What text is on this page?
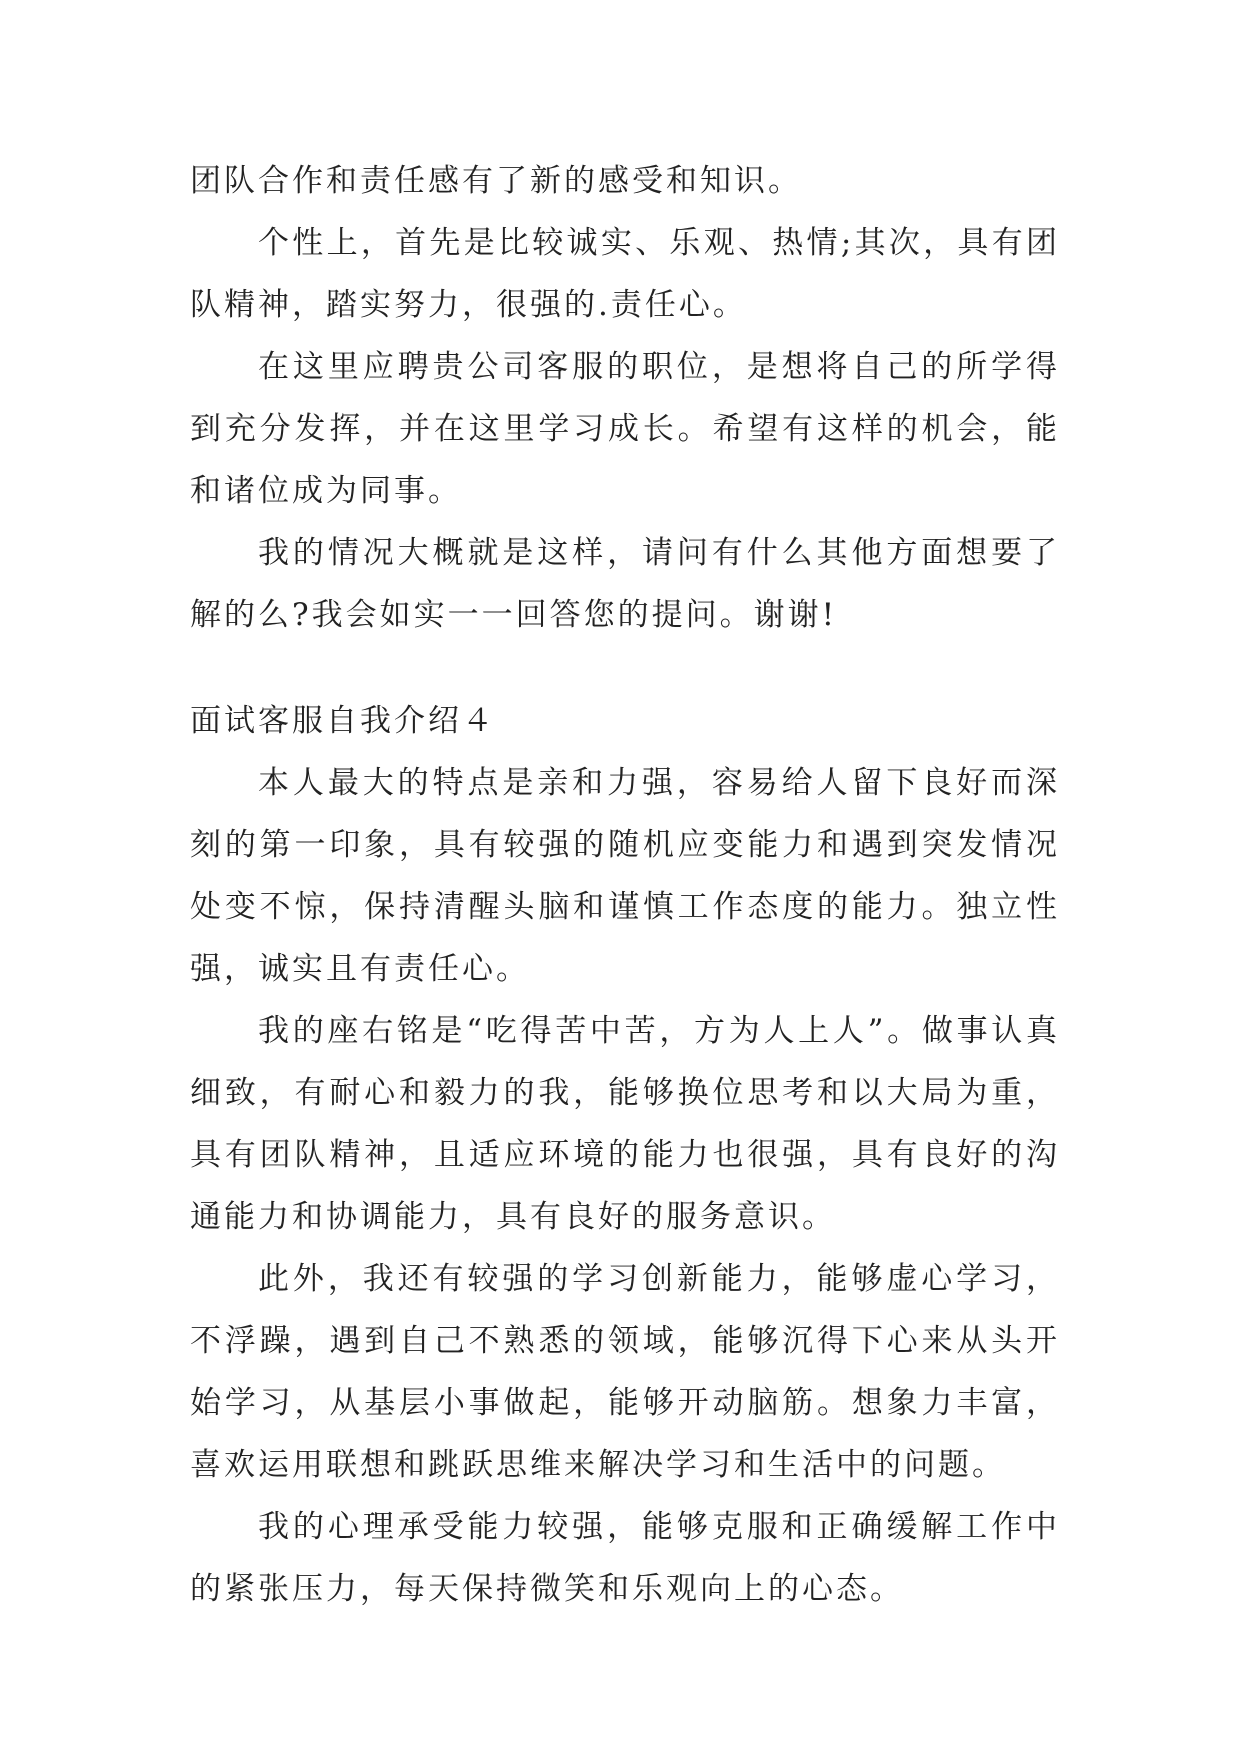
团队合作和责任感有了新的感受和知识。

个性上，首先是比较诚实、乐观、热情;其次，具有团队精神，踏实努力，很强的.责任心。

在这里应聘贵公司客服的职位，是想将自己的所学得到充分发挥，并在这里学习成长。希望有这样的机会，能和诸位成为同事。

我的情况大概就是这样，请问有什么其他方面想要了解的么?我会如实一一回答您的提问。谢谢!

面试客服自我介绍４

本人最大的特点是亲和力强，容易给人留下良好而深刻的第一印象，具有较强的随机应变能力和遇到突发情况处变不惊，保持清醒头脑和谨慎工作态度的能力。独立性强，诚实且有责任心。

我的座右铭是“吃得苦中苦，方为人上人”。做事认真细致，有耐心和毅力的我，能够换位思考和以大局为重，具有团队精神，且适应环境的能力也很强，具有良好的沟通能力和协调能力，具有良好的服务意识。

此外，我还有较强的学习创新能力，能够虚心学习，不浮躁，遇到自己不熟悉的领域，能够沉得下心来从头开始学习，从基层小事做起，能够开动脑筋。想象力丰富，喜欢运用联想和跳跃思维来解决学习和生活中的问题。

我的心理承受能力较强，能够克服和正确缓解工作中的紧张压力，每天保持微笑和乐观向上的心态。
